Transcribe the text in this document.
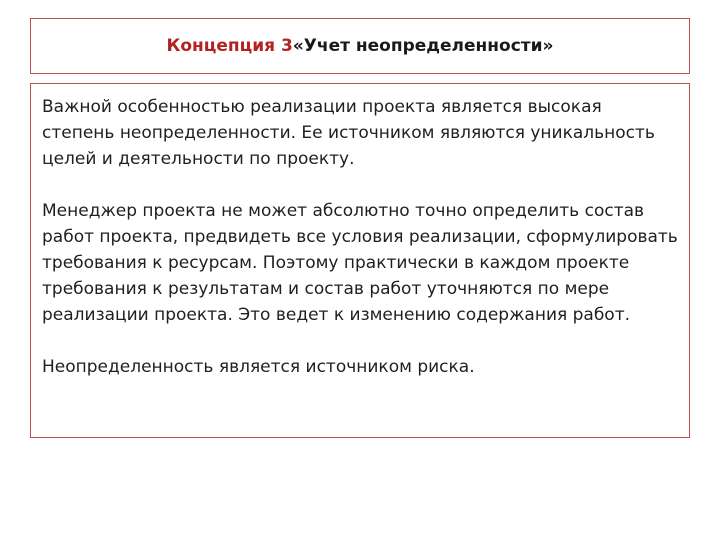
Концепция 3 «Учет неопределенности»

Важной особенностью реализации проекта является высокая степень неопределенности. Ее источником являются уникальность целей и деятельности по проекту.

Менеджер проекта не может абсолютно точно определить состав работ проекта, предвидеть все условия реализации, сформулировать требования к ресурсам. Поэтому практически в каждом проекте требования к результатам и состав работ уточняются по мере реализации проекта. Это ведет к изменению содержания работ.

Неопределенность является источником риска.
